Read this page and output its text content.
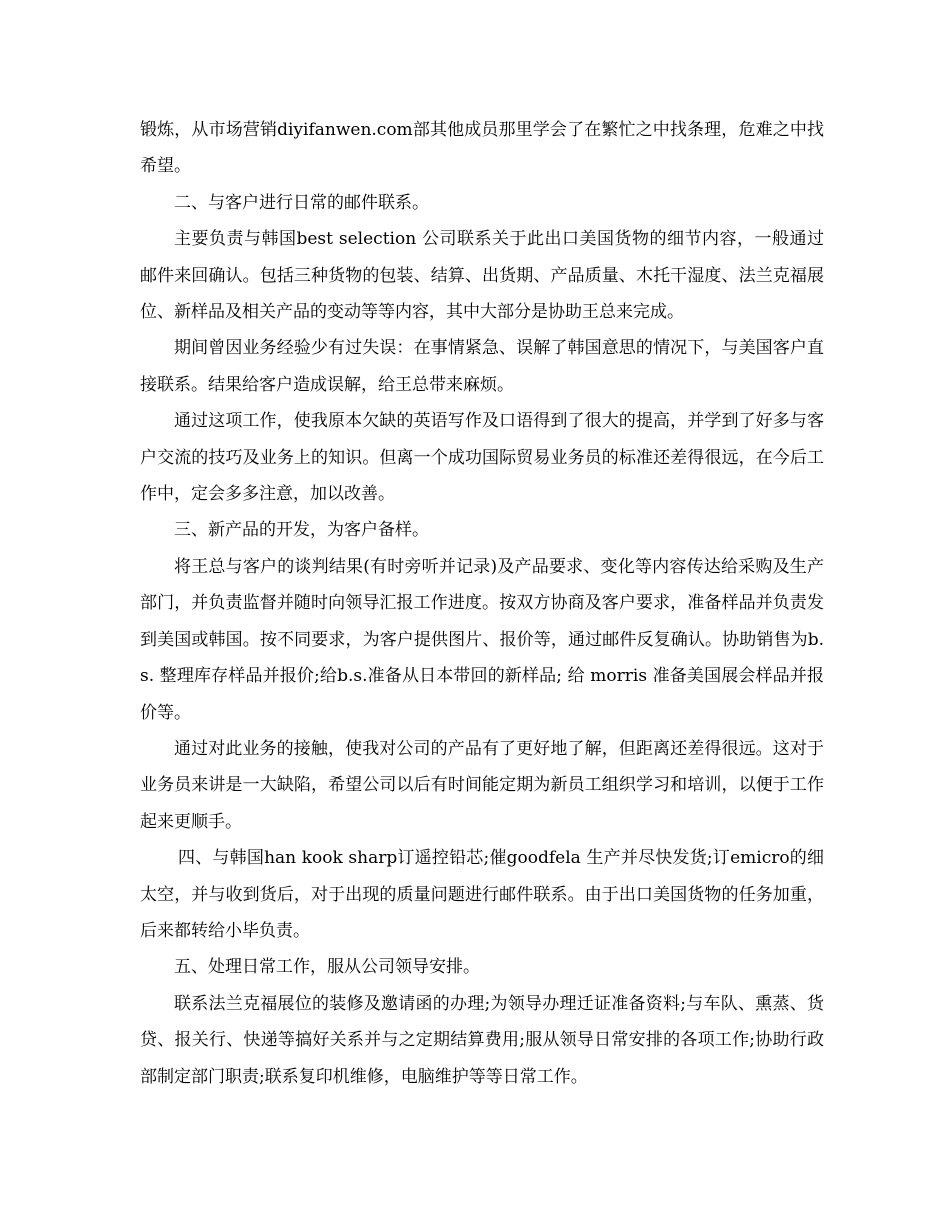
锻炼，从市场营销diyifanwen.com部其他成员那里学会了在繁忙之中找条理，危难之中找希望。

二、与客户进行日常的邮件联系。

主要负责与韩国best selection 公司联系关于此出口美国货物的细节内容，一般通过邮件来回确认。包括三种货物的包装、结算、出货期、产品质量、木托干湿度、法兰克福展位、新样品及相关产品的变动等等内容，其中大部分是协助王总来完成。

期间曾因业务经验少有过失误：在事情紧急、误解了韩国意思的情况下，与美国客户直接联系。结果给客户造成误解，给王总带来麻烦。

通过这项工作，使我原本欠缺的英语写作及口语得到了很大的提高，并学到了好多与客户交流的技巧及业务上的知识。但离一个成功国际贸易业务员的标准还差得很远，在今后工作中，定会多多注意，加以改善。

三、新产品的开发，为客户备样。

将王总与客户的谈判结果(有时旁听并记录)及产品要求、变化等内容传达给采购及生产部门，并负责监督并随时向领导汇报工作进度。按双方协商及客户要求，准备样品并负责发到美国或韩国。按不同要求，为客户提供图片、报价等，通过邮件反复确认。协助销售为b.s. 整理库存样品并报价;给b.s.准备从日本带回的新样品; 给 morris 准备美国展会样品并报价等。

通过对此业务的接触，使我对公司的产品有了更好地了解，但距离还差得很远。这对于业务员来讲是一大缺陷，希望公司以后有时间能定期为新员工组织学习和培训，以便于工作起来更顺手。

四、与韩国han kook sharp订遥控铅芯;催goodfela 生产并尽快发货;订emicro的细太空，并与收到货后，对于出现的质量问题进行邮件联系。由于出口美国货物的任务加重，后来都转给小毕负责。

五、处理日常工作，服从公司领导安排。

联系法兰克福展位的装修及邀请函的办理;为领导办理迁证准备资料;与车队、熏蒸、货贷、报关行、快递等搞好关系并与之定期结算费用;服从领导日常安排的各项工作;协助行政部制定部门职责;联系复印机维修，电脑维护等等日常工作。
